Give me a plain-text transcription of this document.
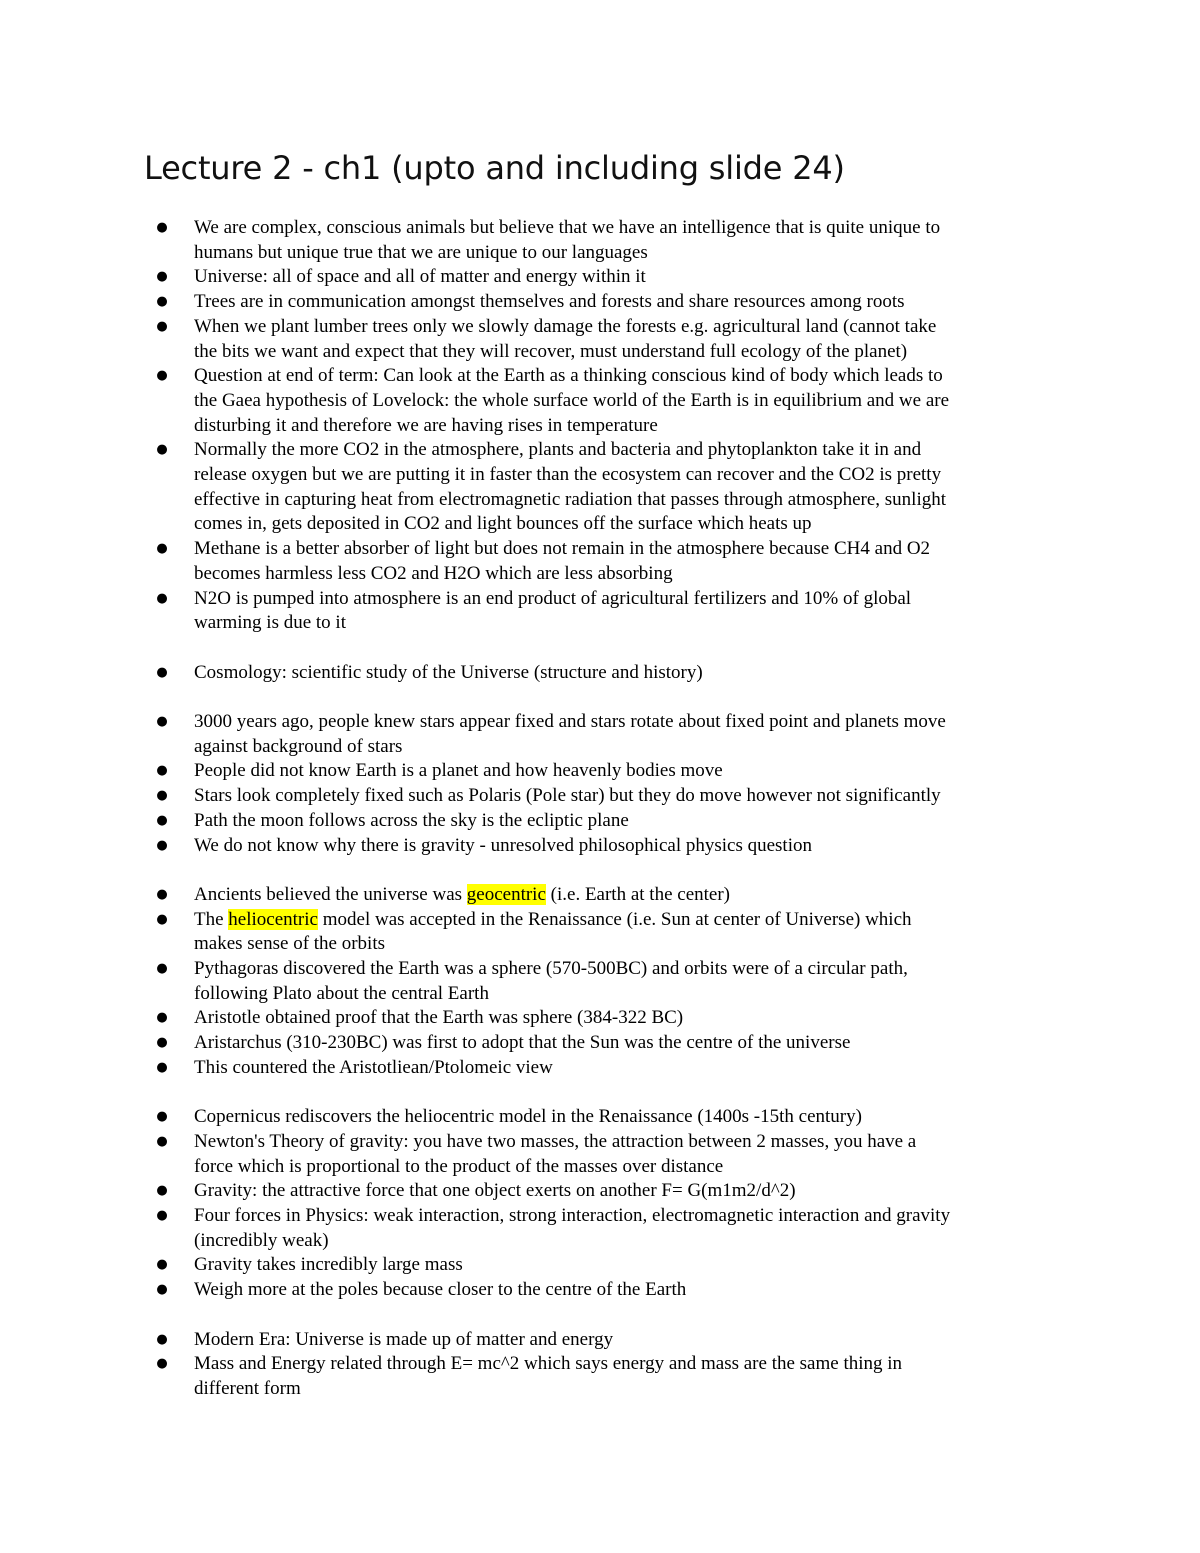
Lecture 2 - ch1 (upto and including slide 24)
● We are complex, conscious animals but believe that we have an intelligence that is quite unique to
humans but unique true that we are unique to our languages
● Universe: all of space and all of matter and energy within it
● Trees are in communication amongst themselves and forests and share resources among roots
● When we plant lumber trees only we slowly damage the forests e.g. agricultural land (cannot take
the bits we want and expect that they will recover, must understand full ecology of the planet)
● Question at end of term: Can look at the Earth as a thinking conscious kind of body which leads to
the Gaea hypothesis of Lovelock: the whole surface world of the Earth is in equilibrium and we are
disturbing it and therefore we are having rises in temperature
● Normally the more CO2 in the atmosphere, plants and bacteria and phytoplankton take it in and
release oxygen but we are putting it in faster than the ecosystem can recover and the CO2 is pretty
effective in capturing heat from electromagnetic radiation that passes through atmosphere, sunlight
comes in, gets deposited in CO2 and light bounces off the surface which heats up
● Methane is a better absorber of light but does not remain in the atmosphere because CH4 and O2
becomes harmless less CO2 and H2O which are less absorbing
● N2O is pumped into atmosphere is an end product of agricultural fertilizers and 10% of global
warming is due to it
● Cosmology: scientific study of the Universe (structure and history)
● 3000 years ago, people knew stars appear fixed and stars rotate about fixed point and planets move
against background of stars
● People did not know Earth is a planet and how heavenly bodies move
● Stars look completely fixed such as Polaris (Pole star) but they do move however not significantly
● Path the moon follows across the sky is the ecliptic plane
● We do not know why there is gravity - unresolved philosophical physics question
● Ancients believed the universe was geocentric (i.e. Earth at the center)
● The heliocentric model was accepted in the Renaissance (i.e. Sun at center of Universe) which
makes sense of the orbits
● Pythagoras discovered the Earth was a sphere (570-500BC) and orbits were of a circular path,
following Plato about the central Earth
● Aristotle obtained proof that the Earth was sphere (384-322 BC)
● Aristarchus (310-230BC) was first to adopt that the Sun was the centre of the universe
● This countered the Aristotliean/Ptolomeic view
● Copernicus rediscovers the heliocentric model in the Renaissance (1400s -15th century)
● Newton's Theory of gravity: you have two masses, the attraction between 2 masses, you have a
force which is proportional to the product of the masses over distance
● Gravity: the attractive force that one object exerts on another F= G(m1m2/d^2)
● Four forces in Physics: weak interaction, strong interaction, electromagnetic interaction and gravity
(incredibly weak)
● Gravity takes incredibly large mass
● Weigh more at the poles because closer to the centre of the Earth
● Modern Era: Universe is made up of matter and energy
● Mass and Energy related through E= mc^2 which says energy and mass are the same thing in
different form
